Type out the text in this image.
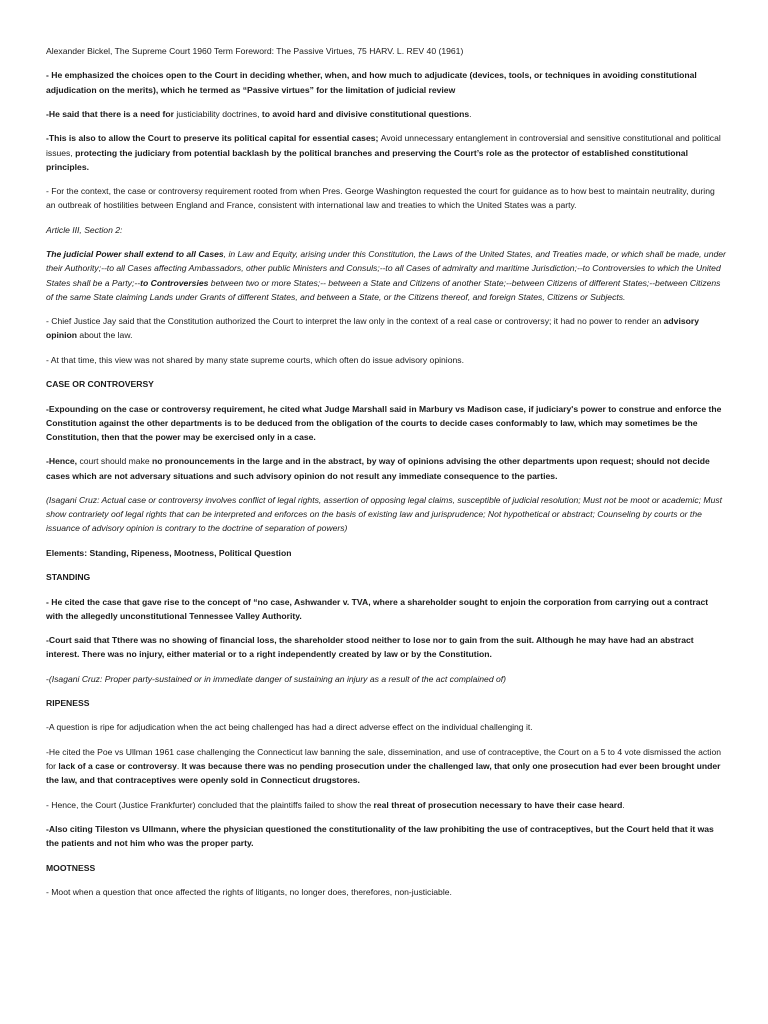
Alexander Bickel, The Supreme Court 1960 Term Foreword: The Passive Virtues, 75 HARV. L. REV 40 (1961)

- He emphasized the choices open to the Court in deciding whether, when, and how much to adjudicate (devices, tools, or techniques in avoiding constitutional adjudication on the merits), which he termed as “Passive virtues” for the limitation of judicial review

-He said that there is a need for justiciability doctrines, to avoid hard and divisive constitutional questions.

-This is also to allow the Court to preserve its political capital for essential cases; Avoid unnecessary entanglement in controversial and sensitive constitutional and political issues, protecting the judiciary from potential backlash by the political branches and preserving the Court’s role as the protector of established constitutional principles.

- For the context, the case or controversy requirement rooted from when Pres. George Washington requested the court for guidance as to how best to maintain neutrality, during an outbreak of hostilities between England and France, consistent with international law and treaties to which the United States was a party.

Article III, Section 2:

The judicial Power shall extend to all Cases, in Law and Equity, arising under this Constitution, the Laws of the United States, and Treaties made, or which shall be made, under their Authority;--to all Cases affecting Ambassadors, other public Ministers and Consuls;--to all Cases of admiralty and maritime Jurisdiction;--to Controversies to which the United States shall be a Party;--to Controversies between two or more States;-- between a State and Citizens of another State;--between Citizens of different States;--between Citizens of the same State claiming Lands under Grants of different States, and between a State, or the Citizens thereof, and foreign States, Citizens or Subjects.

- Chief Justice Jay said that the Constitution authorized the Court to interpret the law only in the context of a real case or controversy; it had no power to render an advisory opinion about the law.

- At that time, this view was not shared by many state supreme courts, which often do issue advisory opinions.

CASE OR CONTROVERSY

-Expounding on the case or controversy requirement, he cited what Judge Marshall said in Marbury vs Madison case, if judiciary's power to construe and enforce the Constitution against the other departments is to be deduced from the obligation of the courts to decide cases conformably to law, which may sometimes be the Constitution, then that the power may be exercised only in a case.

-Hence, court should make no pronouncements in the large and in the abstract, by way of opinions advising the other departments upon request; should not decide cases which are not adversary situations and such advisory opinion do not result any immediate consequence to the parties.

(Isagani Cruz: Actual case or controversy involves conflict of legal rights, assertion of opposing legal claims, susceptible of judicial resolution; Must not be moot or academic; Must show contrariety oof legal rights that can be interpreted and enforces on the basis of existing law and jurisprudence; Not hypothetical or abstract; Counseling by courts or the issuance of advisory opinion is contrary to the doctrine of separation of powers)

Elements: Standing, Ripeness, Mootness, Political Question

STANDING

- He cited the case that gave rise to the concept of “no case, Ashwander v. TVA, where a shareholder sought to enjoin the corporation from carrying out a contract with the allegedly unconstitutional Tennessee Valley Authority.

-Court said that Tthere was no showing of financial loss, the shareholder stood neither to lose nor to gain from the suit. Although he may have had an abstract interest. There was no injury, either material or to a right independently created by law or by the Constitution.

-(Isagani Cruz: Proper party-sustained or in immediate danger of sustaining an injury as a result of the act complained of)

RIPENESS

-A question is ripe for adjudication when the act being challenged has had a direct adverse effect on the individual challenging it.

-He cited the Poe vs Ullman 1961 case challenging the Connecticut law banning the sale, dissemination, and use of contraceptive, the Court on a 5 to 4 vote dismissed the action for lack of a case or controversy. It was because there was no pending prosecution under the challenged law, that only one prosecution had ever been brought under the law, and that contraceptives were openly sold in Connecticut drugstores.

- Hence, the Court (Justice Frankfurter) concluded that the plaintiffs failed to show the real threat of prosecution necessary to have their case heard.

-Also citing Tileston vs Ullmann, where the physician questioned the constitutionality of the law prohibiting the use of contraceptives, but the Court held that it was the patients and not him who was the proper party.

MOOTNESS

- Moot when a question that once affected the rights of litigants, no longer does, therefores, non-justiciable.
